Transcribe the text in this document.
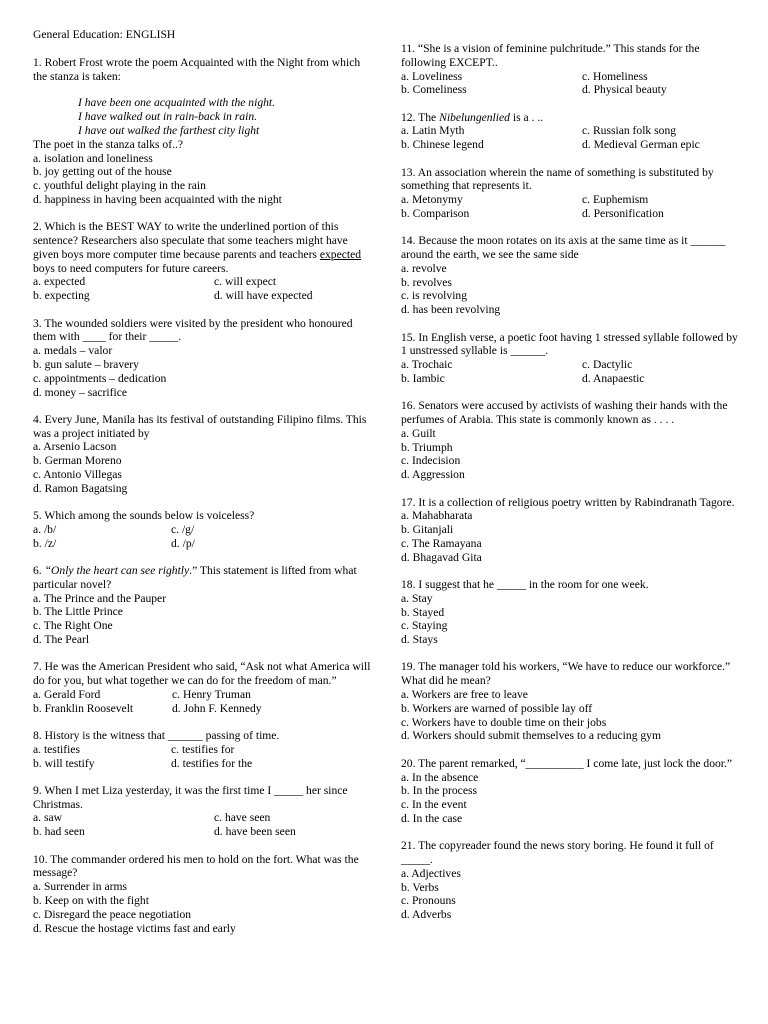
General Education: ENGLISH

1. Robert Frost wrote the poem Acquainted with the Night from which the stanza is taken:

I have been one acquainted with the night.
I have walked out in rain-back in rain.
I have out walked the farthest city light

The poet in the stanza talks of..?

a. isolation and loneliness
b. joy getting out of the house
c. youthful delight playing in the rain
d. happiness in having been acquainted with the night

2. Which is the BEST WAY to write the underlined portion of this sentence? Researchers also speculate that some teachers might have given boys more computer time because parents and teachers expected boys to need computers for future careers.

a. expected	c. will expect
b. expecting	d. will have expected

3. The wounded soldiers were visited by the president who honoured them with ____ for their _____.

a. medals – valor
b. gun salute – bravery
c. appointments – dedication
d. money – sacrifice

4. Every June, Manila has its festival of outstanding Filipino films. This was a project initiated by

a. Arsenio Lacson
b. German Moreno
c. Antonio Villegas
d. Ramon Bagatsing

5. Which among the sounds below is voiceless?

a. /b/	c. /g/
b. /z/	d. /p/

6. “Only the heart can see rightly.” This statement is lifted from what particular novel?

a. The Prince and the Pauper
b. The Little Prince
c. The Right One
d. The Pearl

7. He was the American President who said, “Ask not what America will do for you, but what together we can do for the freedom of man.”

a. Gerald Ford	c. Henry Truman
b. Franklin Roosevelt	d. John F. Kennedy

8. History is the witness that ______ passing of time.

a. testifies	c. testifies for
b. will testify	d. testifies for the

9. When I met Liza yesterday, it was the first time I _____ her since Christmas.

a. saw	c. have seen
b. had seen	d. have been seen

10. The commander ordered his men to hold on the fort. What was the message?

a. Surrender in arms
b. Keep on with the fight
c. Disregard the peace negotiation
d. Rescue the hostage victims fast and early

11. “She is a vision of feminine pulchritude.” This stands for the following EXCEPT..

a. Loveliness	c. Homeliness
b. Comeliness	d. Physical beauty

12. The Nibelungenlied is a . ..

a. Latin Myth	c. Russian folk song
b. Chinese legend	d. Medieval German epic

13. An association wherein the name of something is substituted by something that represents it.

a. Metonymy	c. Euphemism
b. Comparison	d. Personification

14. Because the moon rotates on its axis at the same time as it ______ around the earth, we see the same side

a. revolve
b. revolves
c. is revolving
d. has been revolving

15. In English verse, a poetic foot having 1 stressed syllable followed by 1 unstressed syllable is ______.

a. Trochaic	c. Dactylic
b. Iambic	d. Anapaestic

16. Senators were accused by activists of washing their hands with the perfumes of Arabia. This state is commonly known as . . . .

a. Guilt
b. Triumph
c. Indecision
d. Aggression

17. It is a collection of religious poetry written by Rabindranath Tagore.

a. Mahabharata
b. Gitanjali
c. The Ramayana
d. Bhagavad Gita

18. I suggest that he _____ in the room for one week.

a. Stay
b. Stayed
c. Staying
d. Stays

19. The manager told his workers, “We have to reduce our workforce.” What did he mean?

a. Workers are free to leave
b. Workers are warned of possible lay off
c. Workers have to double time on their jobs
d. Workers should submit themselves to a reducing gym

20. The parent remarked, “__________ I come late, just lock the door.”

a. In the absence
b. In the process
c. In the event
d. In the case

21. The copyreader found the news story boring. He found it full of _____.

a. Adjectives
b. Verbs
c. Pronouns
d. Adverbs
